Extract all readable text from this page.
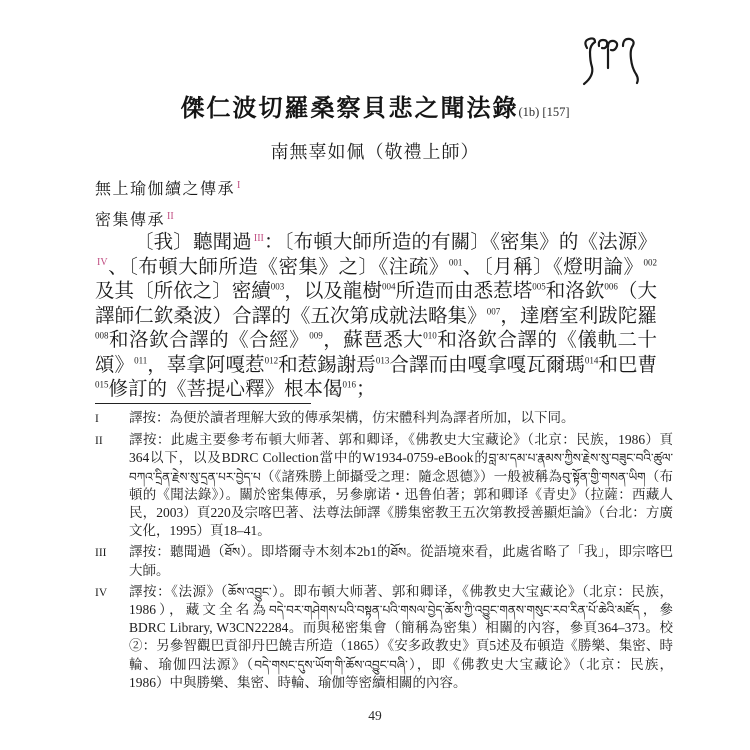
傑仁波切羅桑察貝悲之聞法錄(1b) [157]
南無辜如佩（敬禮上師）
無上瑜伽續之傳承 $^I$
密集傳承 $^{II}$
〔我〕聽聞過 $^{III}$：〔布頓大師所造的有關〕《密集》的《法源》$^{IV}$、〔布頓大師所造《密集》之〕《注疏》$^{001}$、〔月稱〕《燈明論》$^{002}$及其〔所依之〕密續$^{003}$，以及龍樹$^{004}$所造而由悉惹塔$^{005}$和洛欽$^{006}$（大譯師仁欽桑波）合譯的《五次第成就法略集》$^{007}$，達磨室利跋陀羅$^{008}$和洛欽合譯的《合經》$^{009}$，蘇琶悉大$^{010}$和洛欽合譯的《儀軌二十頌》$^{011}$，辜拿阿嘎惹$^{012}$和惹錫謝焉$^{013}$合譯而由嘎拿嘎瓦爾瑪$^{014}$和巴曹$^{015}$修訂的《菩提心釋》根本偈$^{016}$；
I	譯按：為便於讀者理解大致的傳承架構，仿宋體科判為譯者所加，以下同。
II	譯按：此處主要參考布頓大师著、郭和卿译，《佛教史大宝藏论》（北京：民族，1986）頁364以下，以及BDRC Collection當中的W1934-0759-eBook的བླ་མ་དམ་པ་རྣམས་ཀྱིས་རྗེས་སུ་བཟུང་བའི་ཚུལ་བཀའ་དྲིན་རྗེས་སུ་དྲན་པར་བྱེད་པ（《諸殊勝上師攝受之理：隨念恩德》）一般被稱為བུ་སྟོན་གྱི་གསན་ཡིག（布頓的《聞法錄》）。關於密集傳承，另參廓诺・迅鲁伯著；郭和卿译《青史》（拉薩：西藏人民，2003）頁220及宗喀巴著、法尊法師譯《勝集密教王五次第教授善顯炬論》（台北：方廣文化，1995）頁18–41。
III	譯按：聽聞過（ཐོས）。即塔爾寺木刻本2b1的ཐོས。從語境來看，此處省略了「我」，即宗喀巴大師。
IV	譯按：《法源》（ཆོས་འབྱུང་）。即布頓大师著、郭和卿译，《佛教史大宝藏论》（北京：民族，1986），藏文全名為བདེ་བར་གཤེགས་པའི་བསྟན་པའི་གསལ་བྱེད་ཆོས་ཀྱི་འབྱུང་གནས་གསུང་རབ་རིན་པོ་ཆེའི་མཛོད，參BDRC Library, W3CN22284。而與秘密集會（簡稱為密集）相關的內容，參頁364–373。校②：另參智觀巴貢卻丹巴饒吉所造（1865）《安多政教史》頁5述及布頓造《勝樂、集密、時輪、瑜伽四法源》（བདེ་གསང་དུས་ཡོག་གི་ཆོས་འབྱུང་བཞི་），即《佛教史大宝藏论》（北京：民族，1986）中與勝樂、集密、時輪、瑜伽等密續相關的內容。
49
